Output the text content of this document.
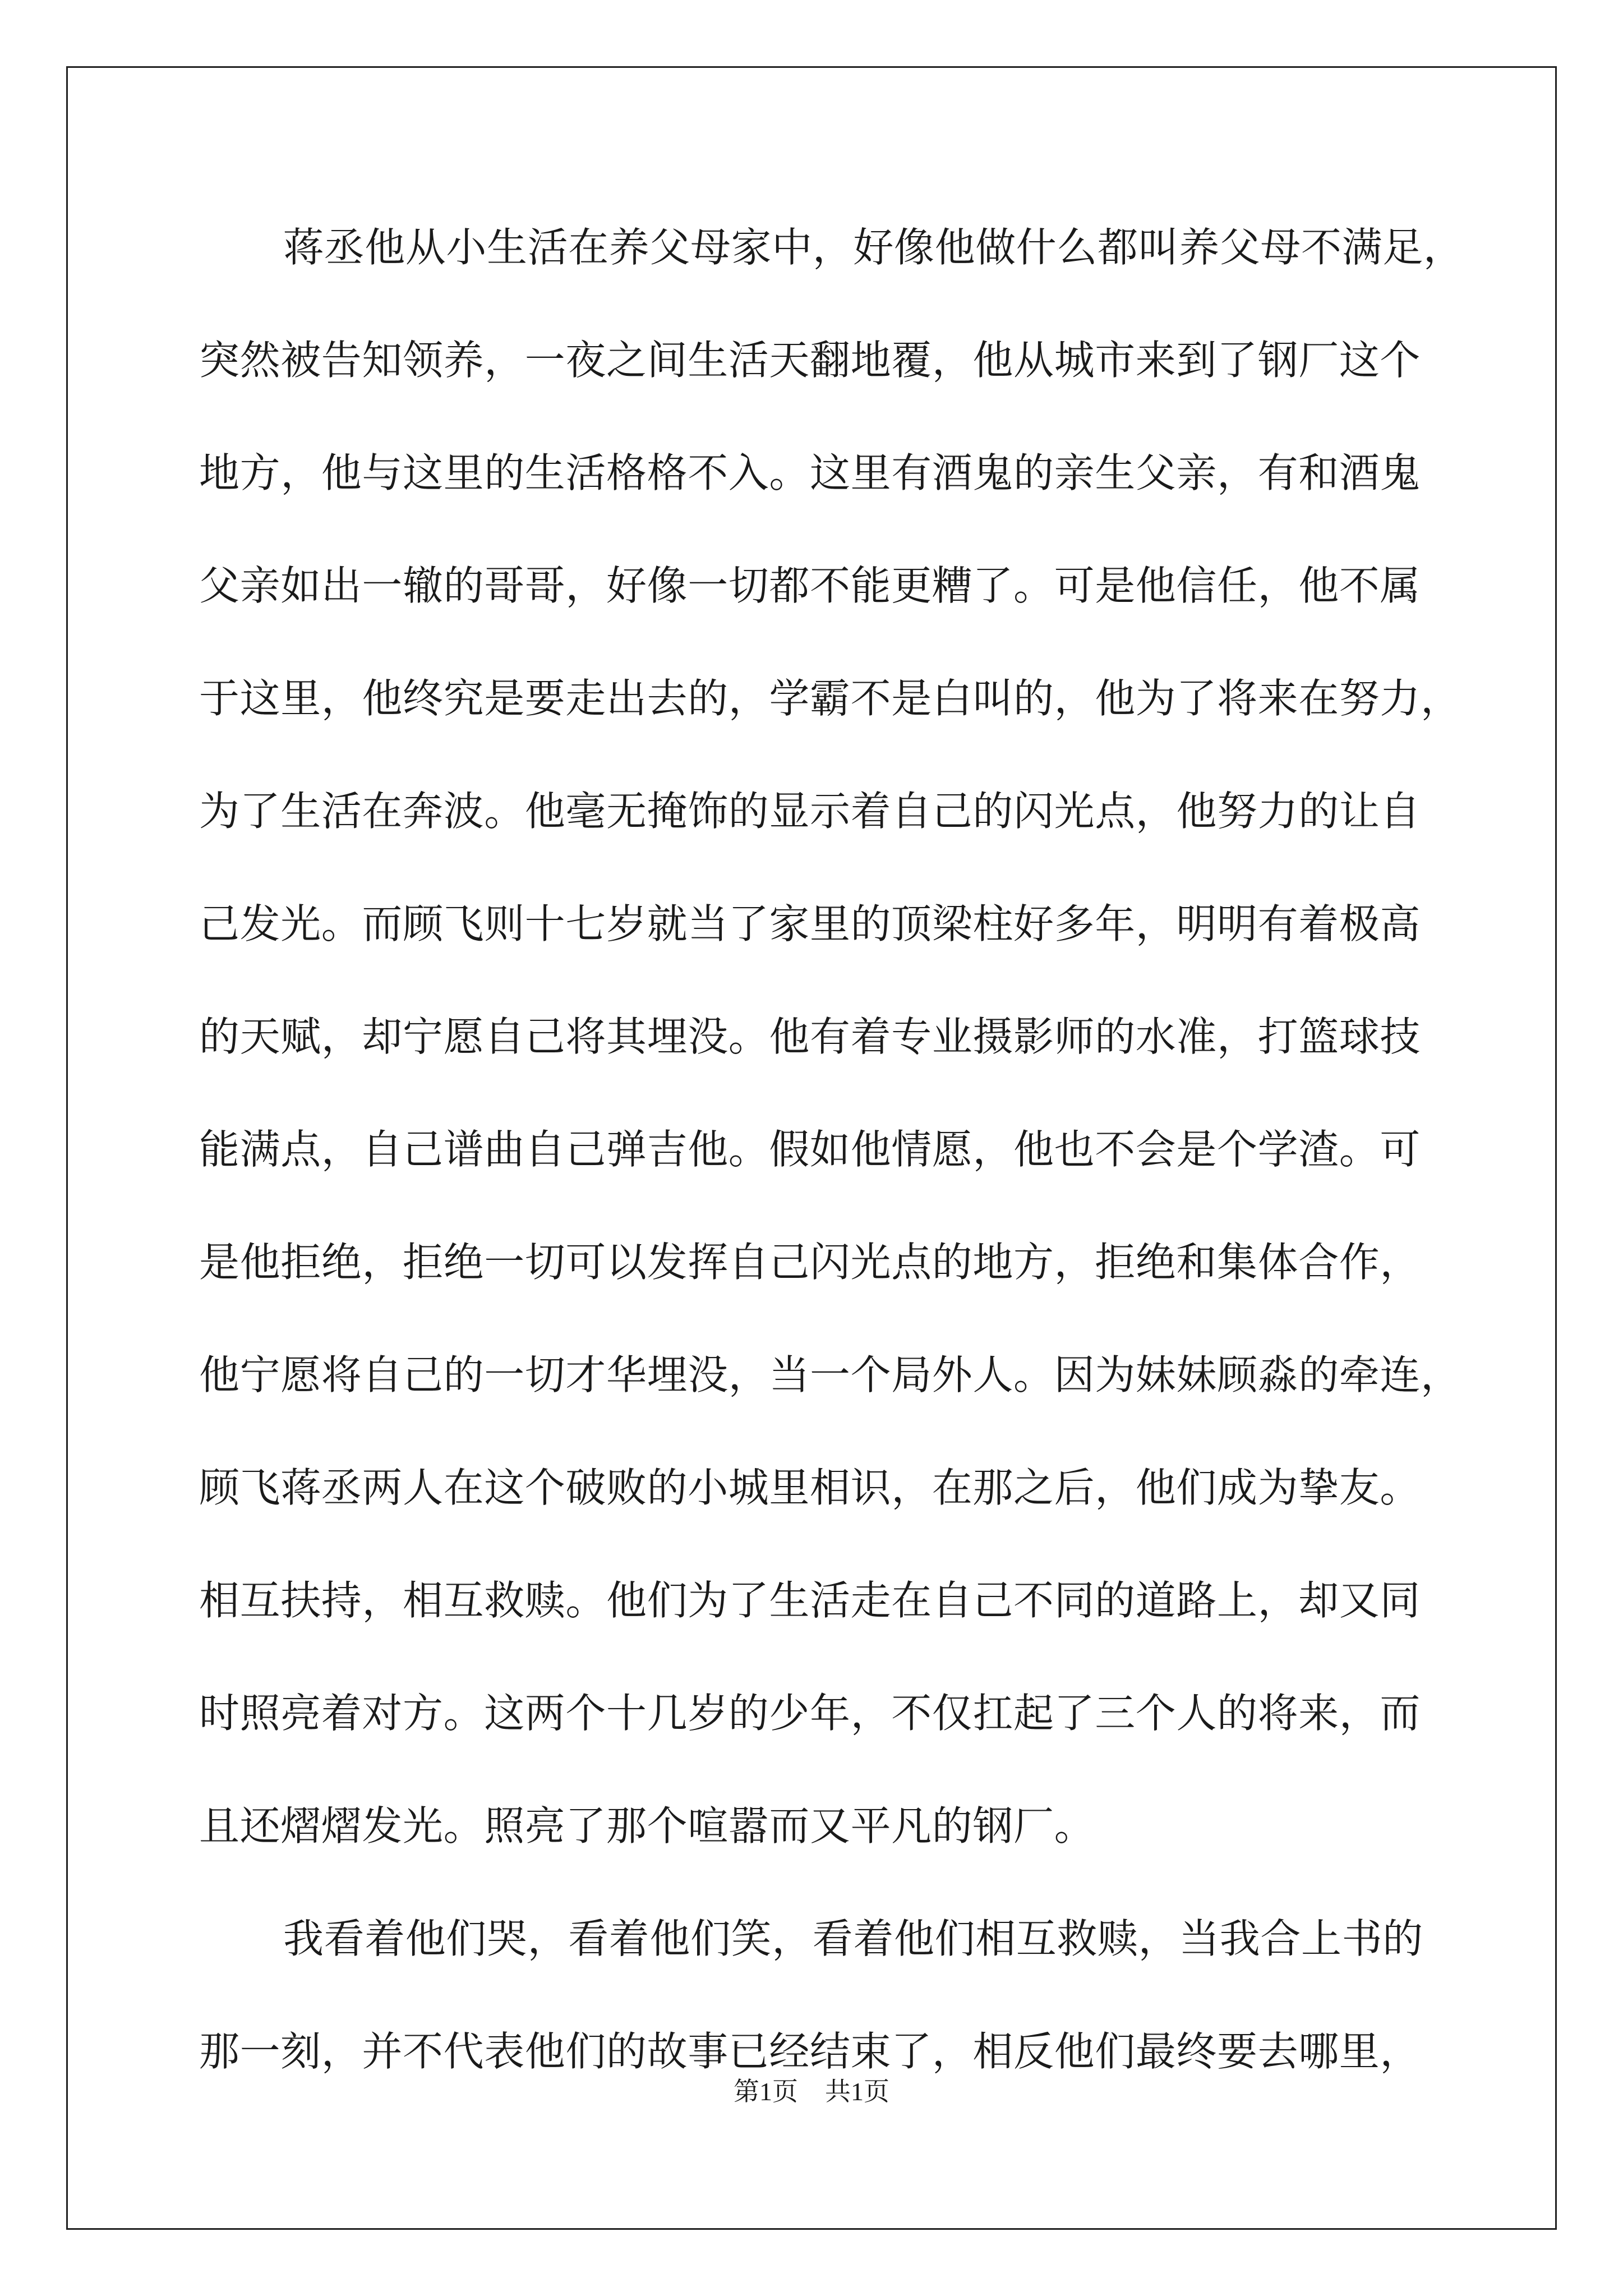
蒋丞他从小生活在养父母家中，好像他做什么都叫养父母不满足，
突然被告知领养，一夜之间生活天翻地覆，他从城市来到了钢厂这个
地方，他与这里的生活格格不入。这里有酒鬼的亲生父亲，有和酒鬼
父亲如出一辙的哥哥，好像一切都不能更糟了。可是他信任，他不属
于这里，他终究是要走出去的，学霸不是白叫的，他为了将来在努力，
为了生活在奔波。他毫无掩饰的显示着自己的闪光点，他努力的让自
己发光。而顾飞则十七岁就当了家里的顶梁柱好多年，明明有着极高
的天赋，却宁愿自己将其埋没。他有着专业摄影师的水准，打篮球技
能满点，自己谱曲自己弹吉他。假如他情愿，他也不会是个学渣。可
是他拒绝，拒绝一切可以发挥自己闪光点的地方，拒绝和集体合作，
他宁愿将自己的一切才华埋没，当一个局外人。因为妹妹顾淼的牵连，
顾飞蒋丞两人在这个破败的小城里相识，在那之后，他们成为挚友。
相互扶持，相互救赎。他们为了生活走在自己不同的道路上，却又同
时照亮着对方。这两个十几岁的少年，不仅扛起了三个人的将来，而
且还熠熠发光。照亮了那个喧嚣而又平凡的钢厂。
我看着他们哭，看着他们笑，看着他们相互救赎，当我合上书的
那一刻，并不代表他们的故事已经结束了，相反他们最终要去哪里，
第1页 共1页
